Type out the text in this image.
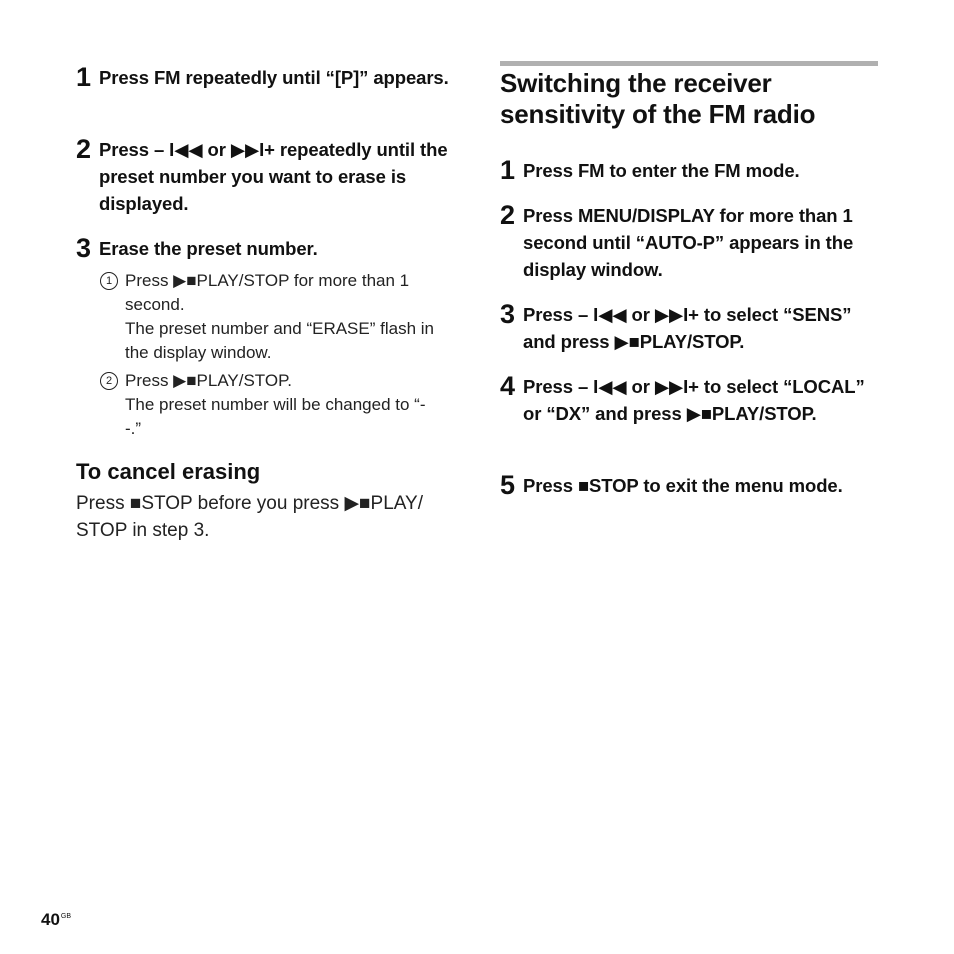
1 Press FM repeatedly until “[P]” appears.
2 Press – I◀◀ or ▶▶I+ repeatedly until the preset number you want to erase is displayed.
3 Erase the preset number.
1 Press ▶■PLAY/STOP for more than 1 second.
The preset number and “ERASE” flash in the display window.
2 Press ▶■PLAY/STOP.
The preset number will be changed to “- -.”
To cancel erasing
Press ■STOP before you press ▶■PLAY/ STOP in step 3.
Switching the receiver sensitivity of the FM radio
1 Press FM to enter the FM mode.
2 Press MENU/DISPLAY for more than 1 second until “AUTO-P” appears in the display window.
3 Press – I◀◀ or ▶▶I+ to select “SENS” and press ▶■PLAY/STOP.
4 Press – I◀◀ or ▶▶I+ to select “LOCAL” or “DX” and press ▶■PLAY/STOP.
5 Press ■STOP to exit the menu mode.
$40^{GB}$
